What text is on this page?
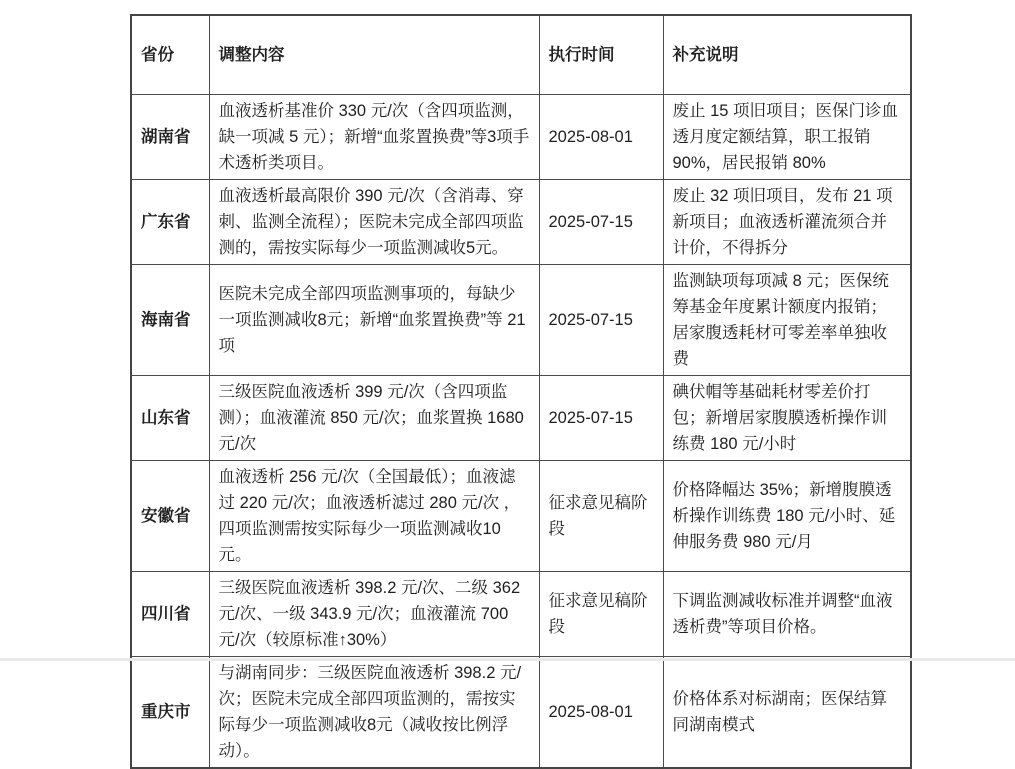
省份	调整内容	执行时间	补充说明
湖南省	血液透析基准价 330 元/次（含四项监测，缺一项减 5 元）；新增“血浆置换费”等3项手术透析类项目。	2025-08-01	废止 15 项旧项目；医保门诊血透月度定额结算，职工报销 90%，居民报销 80%
广东省	血液透析最高限价 390 元/次（含消毒、穿刺、监测全流程）；医院未完成全部四项监测的，需按实际每少一项监测减收5元。	2025-07-15	废止 32 项旧项目，发布 21 项新项目；血液透析灌流须合并计价，不得拆分
海南省	医院未完成全部四项监测事项的，每缺少一项监测减收8元；新增“血浆置换费”等 21 项	2025-07-15	监测缺项每项减 8 元；医保统筹基金年度累计额度内报销；居家腹透耗材可零差率单独收费
山东省	三级医院血液透析 399 元/次（含四项监测）；血液灌流 850 元/次；血浆置换 1680 元/次	2025-07-15	碘伏帽等基础耗材零差价打包；新增居家腹膜透析操作训练费 180 元/小时
安徽省	血液透析 256 元/次（全国最低）；血液滤过 220 元/次；血液透析滤过 280 元/次 ，四项监测需按实际每少一项监测减收10元。	征求意见稿阶段	价格降幅达 35%；新增腹膜透析操作训练费 180 元/小时、延伸服务费 980 元/月
四川省	三级医院血液透析 398.2 元/次、二级 362 元/次、一级 343.9 元/次；血液灌流 700 元/次（较原标准↑30%）	征求意见稿阶段	下调监测减收标准并调整“血液透析费”等项目价格。
重庆市	与湖南同步：三级医院血液透析 398.2 元/次；医院未完成全部四项监测的，需按实际每少一项监测减收8元（减收按比例浮动）。	2025-08-01	价格体系对标湖南；医保结算同湖南模式
